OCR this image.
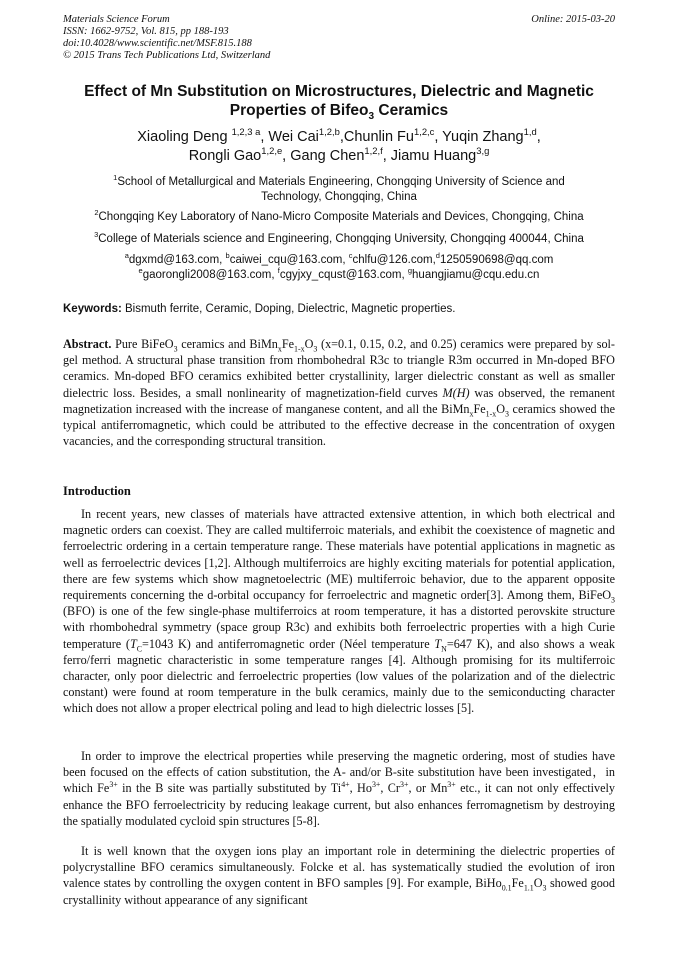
Materials Science Forum	Online: 2015-03-20
ISSN: 1662-9752, Vol. 815, pp 188-193
doi:10.4028/www.scientific.net/MSF.815.188
© 2015 Trans Tech Publications Ltd, Switzerland
Effect of Mn Substitution on Microstructures, Dielectric and Magnetic
Properties of Bifeo$_3$ Ceramics
Xiaoling Deng $^{1,2,3 a}$, Wei Cai$^{1,2,b}$,Chunlin Fu$^{1,2,c}$, Yuqin Zhang$^{1,d}$,
Rongli Gao$^{1,2,e}$, Gang Chen$^{1,2,f}$, Jiamu Huang$^{3,g}$
$^1$School of Metallurgical and Materials Engineering, Chongqing University of Science and
Technology, Chongqing, China
$^2$Chongqing Key Laboratory of Nano-Micro Composite Materials and Devices, Chongqing, China
$^3$College of Materials science and Engineering, Chongqing University, Chongqing 400044, China
$^a$dgxmd@163.com, $^b$caiwei_cqu@163.com, $^c$chlfu@126.com,$^d$1250590698@qq.com
$^e$gaorongli2008@163.com, $^f$cgyjxy_cqust@163.com, $^g$huangjiamu@cqu.edu.cn
Keywords: Bismuth ferrite, Ceramic, Doping, Dielectric, Magnetic properties.
Abstract. Pure BiFeO$_3$ ceramics and $BiMn_xFe_{1-x}O_3$ (x=0.1, 0.15, 0.2, and 0.25) ceramics were prepared by sol-gel method. A structural phase transition from rhombohedral R3c to triangle R3m occurred in Mn-doped BFO ceramics. Mn-doped BFO ceramics exhibited better crystallinity, larger dielectric constant as well as smaller dielectric loss. Besides, a small nonlinearity of magnetization-field curves M(H) was observed, the remanent magnetization increased with the increase of manganese content, and all the $BiMn_xFe_{1-x}O_3$ ceramics showed the typical antiferromagnetic, which could be attributed to the effective decrease in the concentration of oxygen vacancies, and the corresponding structural transition.
Introduction
In recent years, new classes of materials have attracted extensive attention, in which both electrical and magnetic orders can coexist. They are called multiferroic materials, and exhibit the coexistence of magnetic and ferroelectric ordering in a certain temperature range. These materials have potential applications in magnetic as well as ferroelectric devices [1,2]. Although multiferroics are highly exciting materials for potential application, there are few systems which show magnetoelectric (ME) multiferroic behavior, due to the apparent opposite requirements concerning the d-orbital occupancy for ferroelectric and magnetic order[3]. Among them, BiFeO$_3$ (BFO) is one of the few single-phase multiferroics at room temperature, it has a distorted perovskite structure with rhombohedral symmetry (space group R3c) and exhibits both ferroelectric properties with a high Curie temperature ($T_C=1043$ K) and antiferromagnetic order (Néel temperature $T_N=647$ K), and also shows a weak ferro/ferri magnetic characteristic in some temperature ranges [4]. Although promising for its multiferroic character, only poor dielectric and ferroelectric properties (low values of the polarization and of the dielectric constant) were found at room temperature in the bulk ceramics, mainly due to the semiconducting character which does not allow a proper electrical poling and lead to high dielectric losses [5].
In order to improve the electrical properties while preserving the magnetic ordering, most of studies have been focused on the effects of cation substitution, the A- and/or B-site substitution have been investigated，in which $Fe^{3+}$ in the B site was partially substituted by $Ti^{4+}$, $Ho^{3+}$, $Cr^{3+}$, or $Mn^{3+}$ etc., it can not only effectively enhance the BFO ferroelectricity by reducing leakage current, but also enhances ferromagnetism by destroying the spatially modulated cycloid spin structures [5-8].
It is well known that the oxygen ions play an important role in determining the dielectric properties of polycrystalline BFO ceramics simultaneously. Folcke et al. has systematically studied the evolution of iron valence states by controlling the oxygen content in BFO samples [9]. For example, $BiHo_{0.1}Fe_{1.1}O_3$ showed good crystallinity without appearance of any significant
